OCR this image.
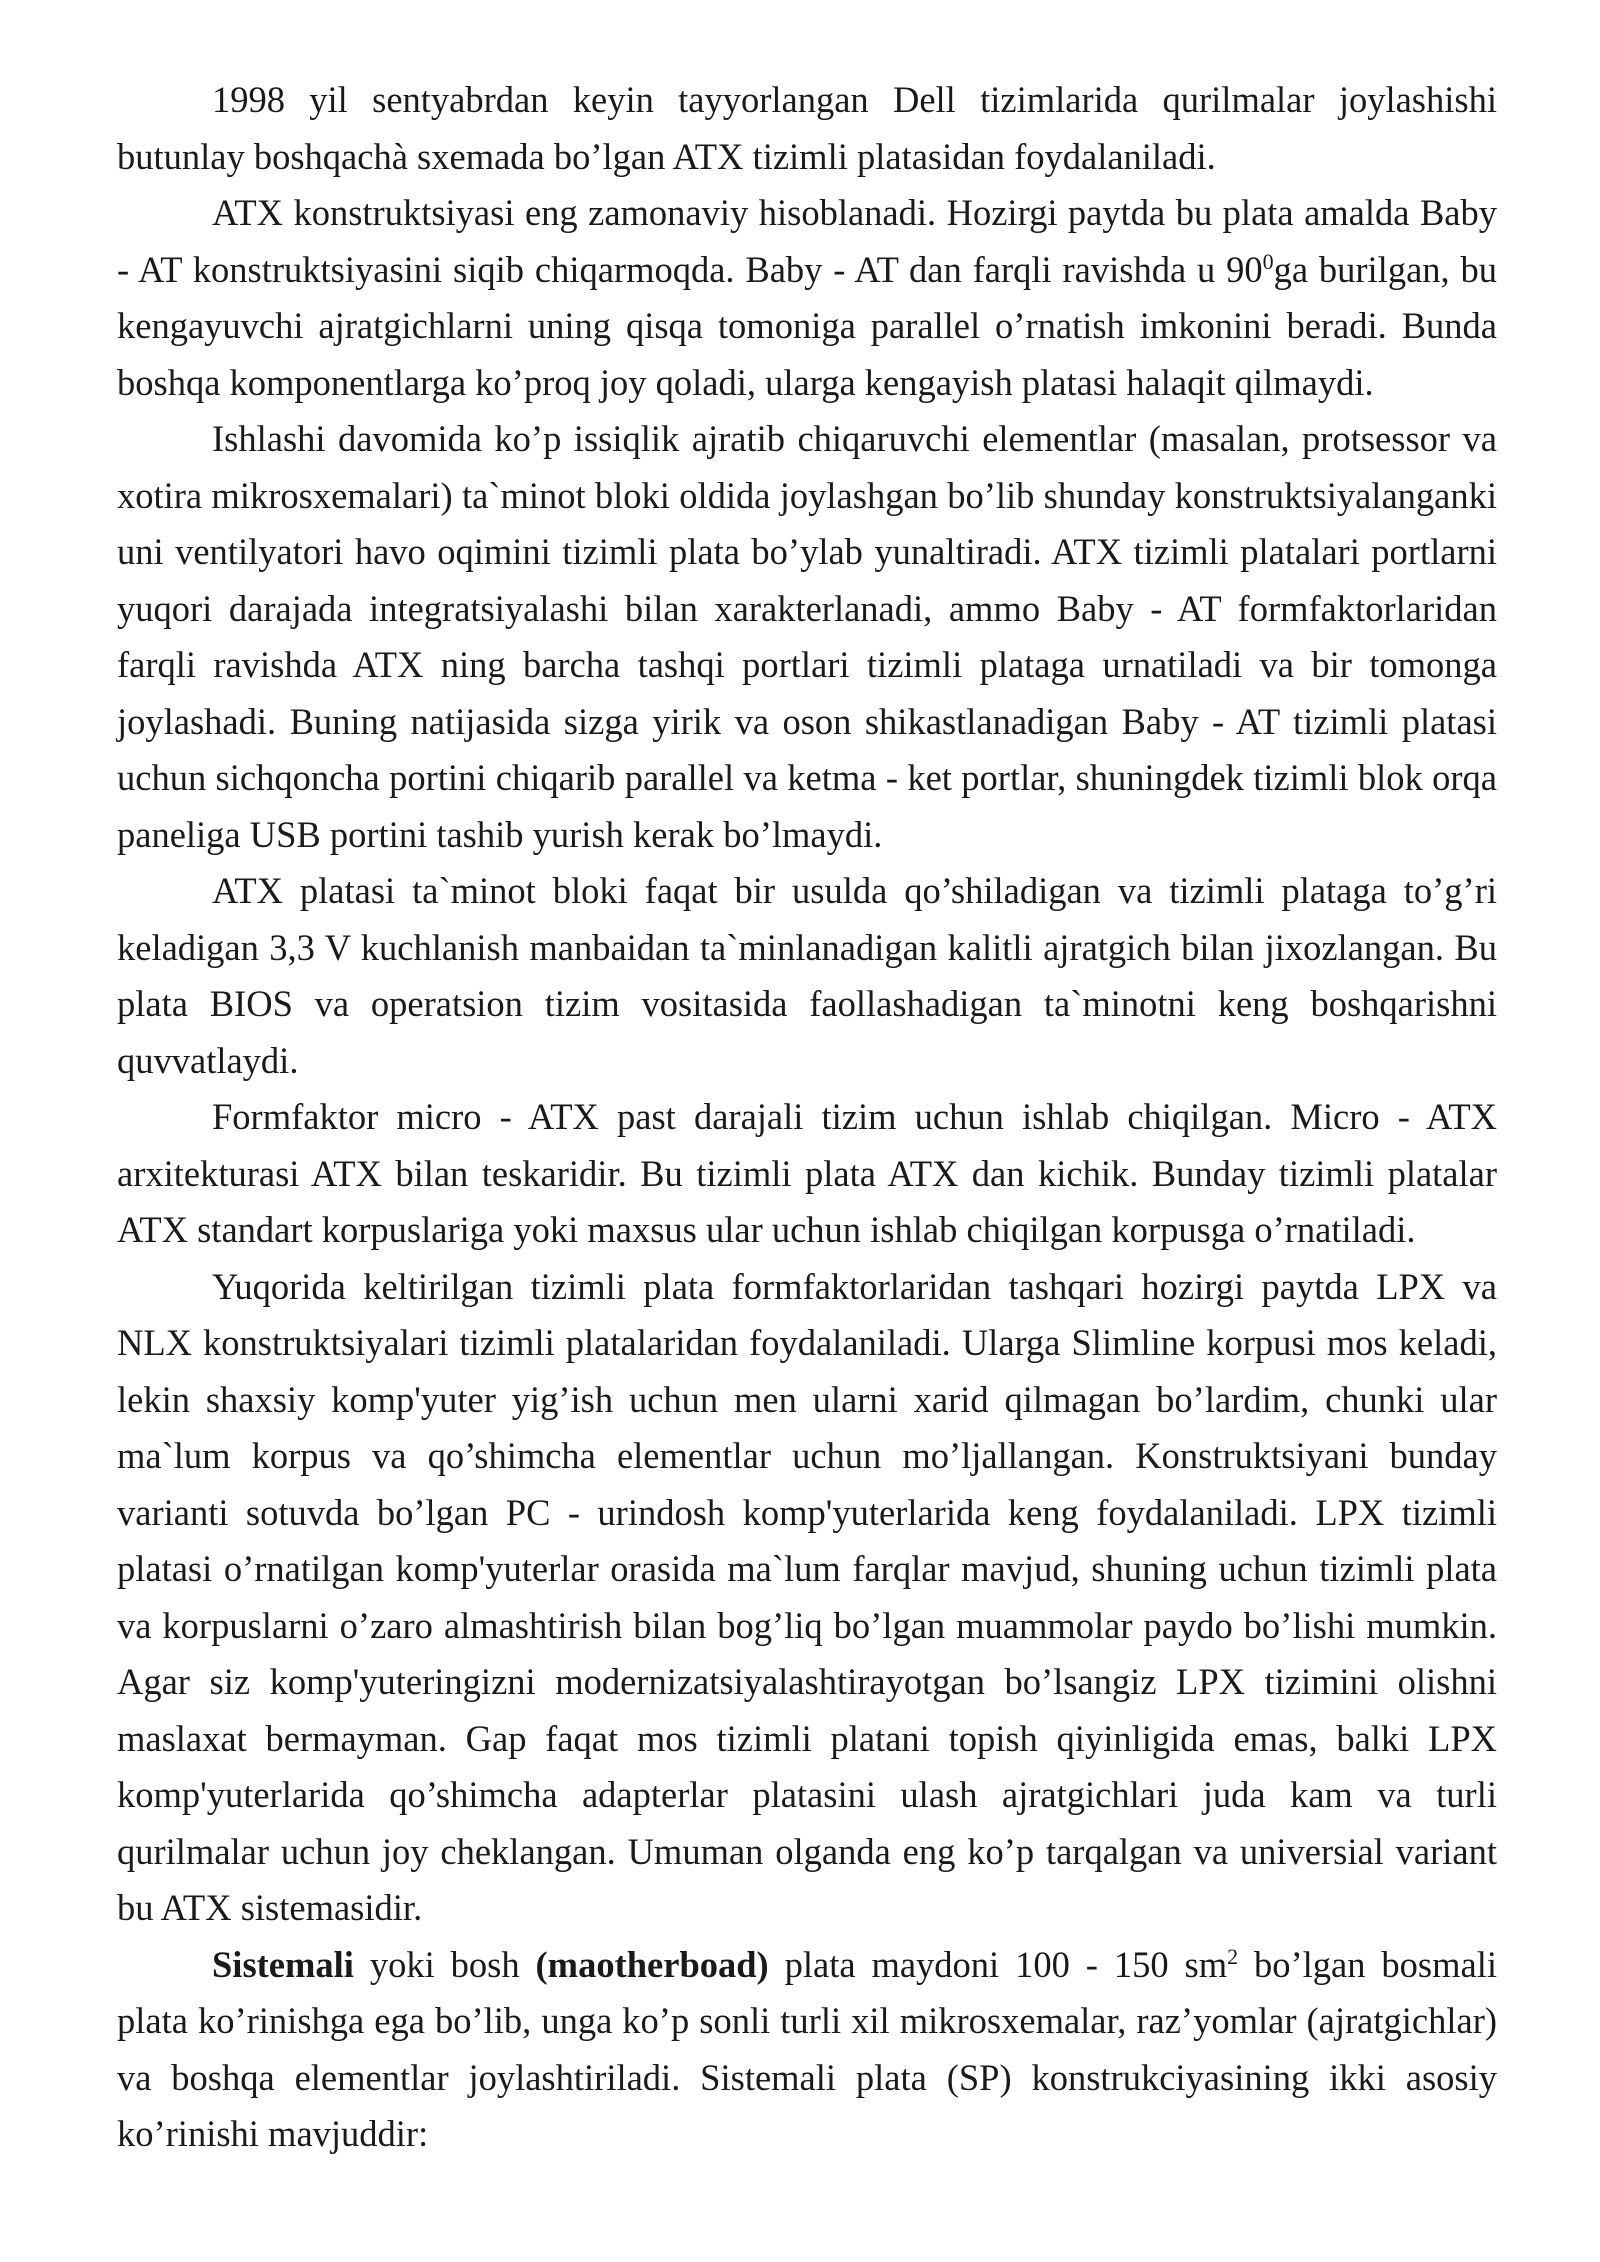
1998 yil sentyabrdan keyin tayyorlangan Dell tizimlarida qurilmalar joylashishi butunlay boshqachà sxemada bo’lgan ATX tizimli platasidan foydalaniladi.

ATX konstruktsiyasi eng zamonaviy hisoblanadi. Hozirgi paytda bu plata amalda Baby - AT konstruktsiyasini siqib chiqarmoqda. Baby - AT dan farqli ravishda u $90^0ga$ burilgan, bu kengayuvchi ajratgichlarni uning qisqa tomoniga parallel o’rnatish imkonini beradi. Bunda boshqa komponentlarga ko’proq joy qoladi, ularga kengayish platasi halaqit qilmaydi.

Ishlashi davomida ko’p issiqlik ajratib chiqaruvchi elementlar (masalan, protsessor va xotira mikrosxemalari) ta`minot bloki oldida joylashgan bo’lib shunday konstruktsiyalanganki uni ventilyatori havo oqimini tizimli plata bo’ylab yunaltiradi. ATX tizimli platalari portlarni yuqori darajada integratsiyalashi bilan xarakterlanadi, ammo Baby - AT formfaktorlaridan farqli ravishda ATX ning barcha tashqi portlari tizimli plataga urnatiladi va bir tomonga joylashadi. Buning natijasida sizga yirik va oson shikastlanadigan Baby - AT tizimli platasi uchun sichqoncha portini chiqarib parallel va ketma - ket portlar, shuningdek tizimli blok orqa paneliga USB portini tashib yurish kerak bo’lmaydi.

ATX platasi ta`minot bloki faqat bir usulda qo’shiladigan va tizimli plataga to’g’ri keladigan 3,3 V kuchlanish manbaidan ta`minlanadigan kalitli ajratgich bilan jixozlangan. Bu plata BIOS va operatsion tizim vositasida faollashadigan ta`minotni keng boshqarishni quvvatlaydi.

Formfaktor micro - ATX past darajali tizim uchun ishlab chiqilgan. Micro - ATX arxitekturasi ATX bilan teskaridir. Bu tizimli plata ATX dan kichik. Bunday tizimli platalar ATX standart korpuslariga yoki maxsus ular uchun ishlab chiqilgan korpusga o’rnatiladi.

Yuqorida keltirilgan tizimli plata formfaktorlaridan tashqari hozirgi paytda LPX va NLX konstruktsiyalari tizimli platalaridan foydalaniladi. Ularga Slimline korpusi mos keladi, lekin shaxsiy komp'yuter yig’ish uchun men ularni xarid qilmagan bo’lardim, chunki ular ma`lum korpus va qo’shimcha elementlar uchun mo’ljallangan. Konstruktsiyani bunday varianti sotuvda bo’lgan PC - urindosh komp'yuterlarida keng foydalaniladi. LPX tizimli platasi o’rnatilgan komp'yuterlar orasida ma`lum farqlar mavjud, shuning uchun tizimli plata va korpuslarni o’zaro almashtirish bilan bog’liq bo’lgan muammolar paydo bo’lishi mumkin. Agar siz komp'yuteringizni modernizatsiyalashtirayotgan bo’lsangiz LPX tizimini olishni maslaxat bermayman. Gap faqat mos tizimli platani topish qiyinligida emas, balki LPX komp'yuterlarida qo’shimcha adapterlar platasini ulash ajratgichlari juda kam va turli qurilmalar uchun joy cheklangan. Umuman olganda eng ko’p tarqalgan va universial variant bu ATX sistemasidir.

Sistemali yoki bosh (maotherboad) plata maydoni 100 - 150 $sm^2$ bo’lgan bosmali plata ko’rinishga ega bo’lib, unga ko’p sonli turli xil mikrosxemalar, raz’yomlar (ajratgichlar) va boshqa elementlar joylashtiriladi. Sistemali plata (SP) konstrukciyasining ikki asosiy ko’rinishi mavjuddir:
